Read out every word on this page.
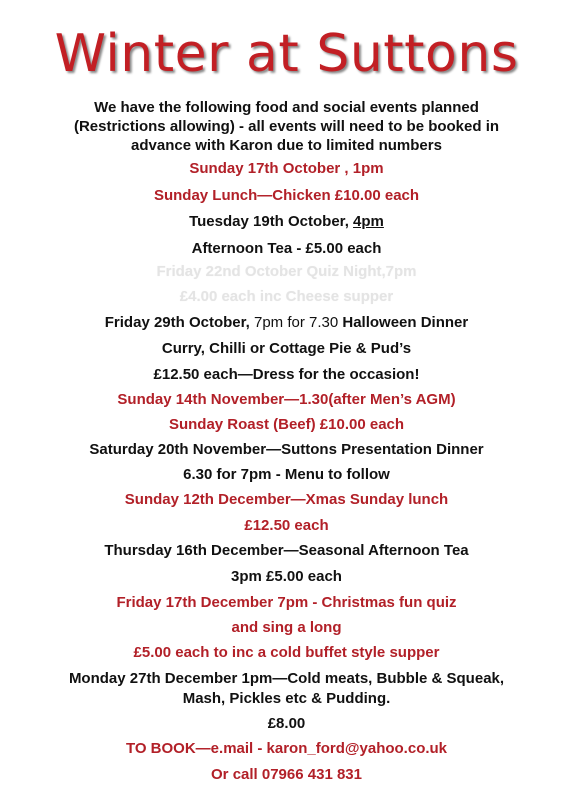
Winter at Suttons
We have the following food and social events planned
(Restrictions allowing) - all events will need to be booked in
advance with Karon due to limited numbers
Sunday 17th October , 1pm
Sunday Lunch—Chicken £10.00 each
Tuesday 19th October, 4pm
Afternoon Tea - £5.00 each
Friday 22nd October Quiz Night,7pm
£4.00 each inc Cheese supper
Friday 29th October, 7pm for 7.30 Halloween Dinner
Curry, Chilli or Cottage Pie & Pud’s
£12.50 each—Dress for the occasion!
Sunday 14th November—1.30(after Men’s AGM)
Sunday Roast (Beef) £10.00 each
Saturday 20th November—Suttons Presentation Dinner
6.30 for 7pm - Menu to follow
Sunday 12th December—Xmas Sunday lunch
£12.50 each
Thursday 16th December—Seasonal Afternoon Tea
3pm £5.00 each
Friday 17th December 7pm - Christmas fun quiz
and sing a long
£5.00 each to inc a cold buffet style supper
Monday 27th December 1pm—Cold meats, Bubble & Squeak,
Mash, Pickles etc & Pudding.
£8.00
TO BOOK—e.mail - karon_ford@yahoo.co.uk
Or call 07966 431 831
